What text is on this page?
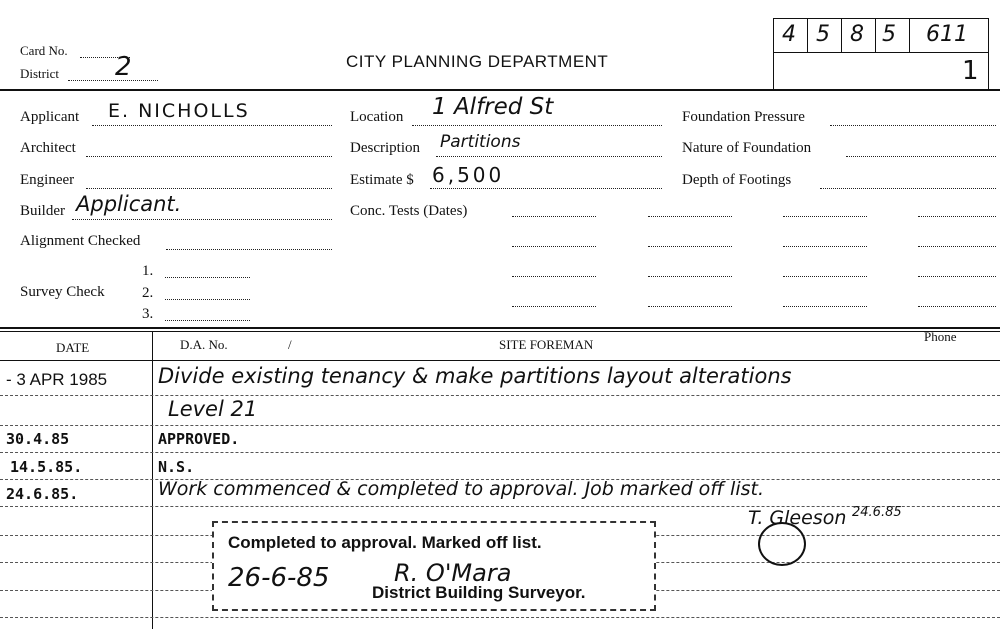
Card No.
District 2	CITY PLANNING DEPARTMENT
4 5 8 5 611
1
Applicant E. NICHOLLS
Architect
Engineer
Builder Applicant.
Alignment Checked
Survey Check
1.
2.
3.
Location 1 Alfred St
Description Partitions
Estimate $ 6,500
Conc. Tests (Dates)
Foundation Pressure
Nature of Foundation
Depth of Footings
DATE	D.A. No.	/	SITE FOREMAN
Phone
- 3 APR 1985 Divide existing tenancy & make partitions layout alterations
Level 21
30.4.85	APPROVED.
14.5.85.	N.S.
24.6.85.	Work commenced & completed to approval. Job marked off list.
T. Gleeson 24.6.85
Completed to approval. Marked off list.
26-6-85	R. O'Mara
District Building Surveyor.
